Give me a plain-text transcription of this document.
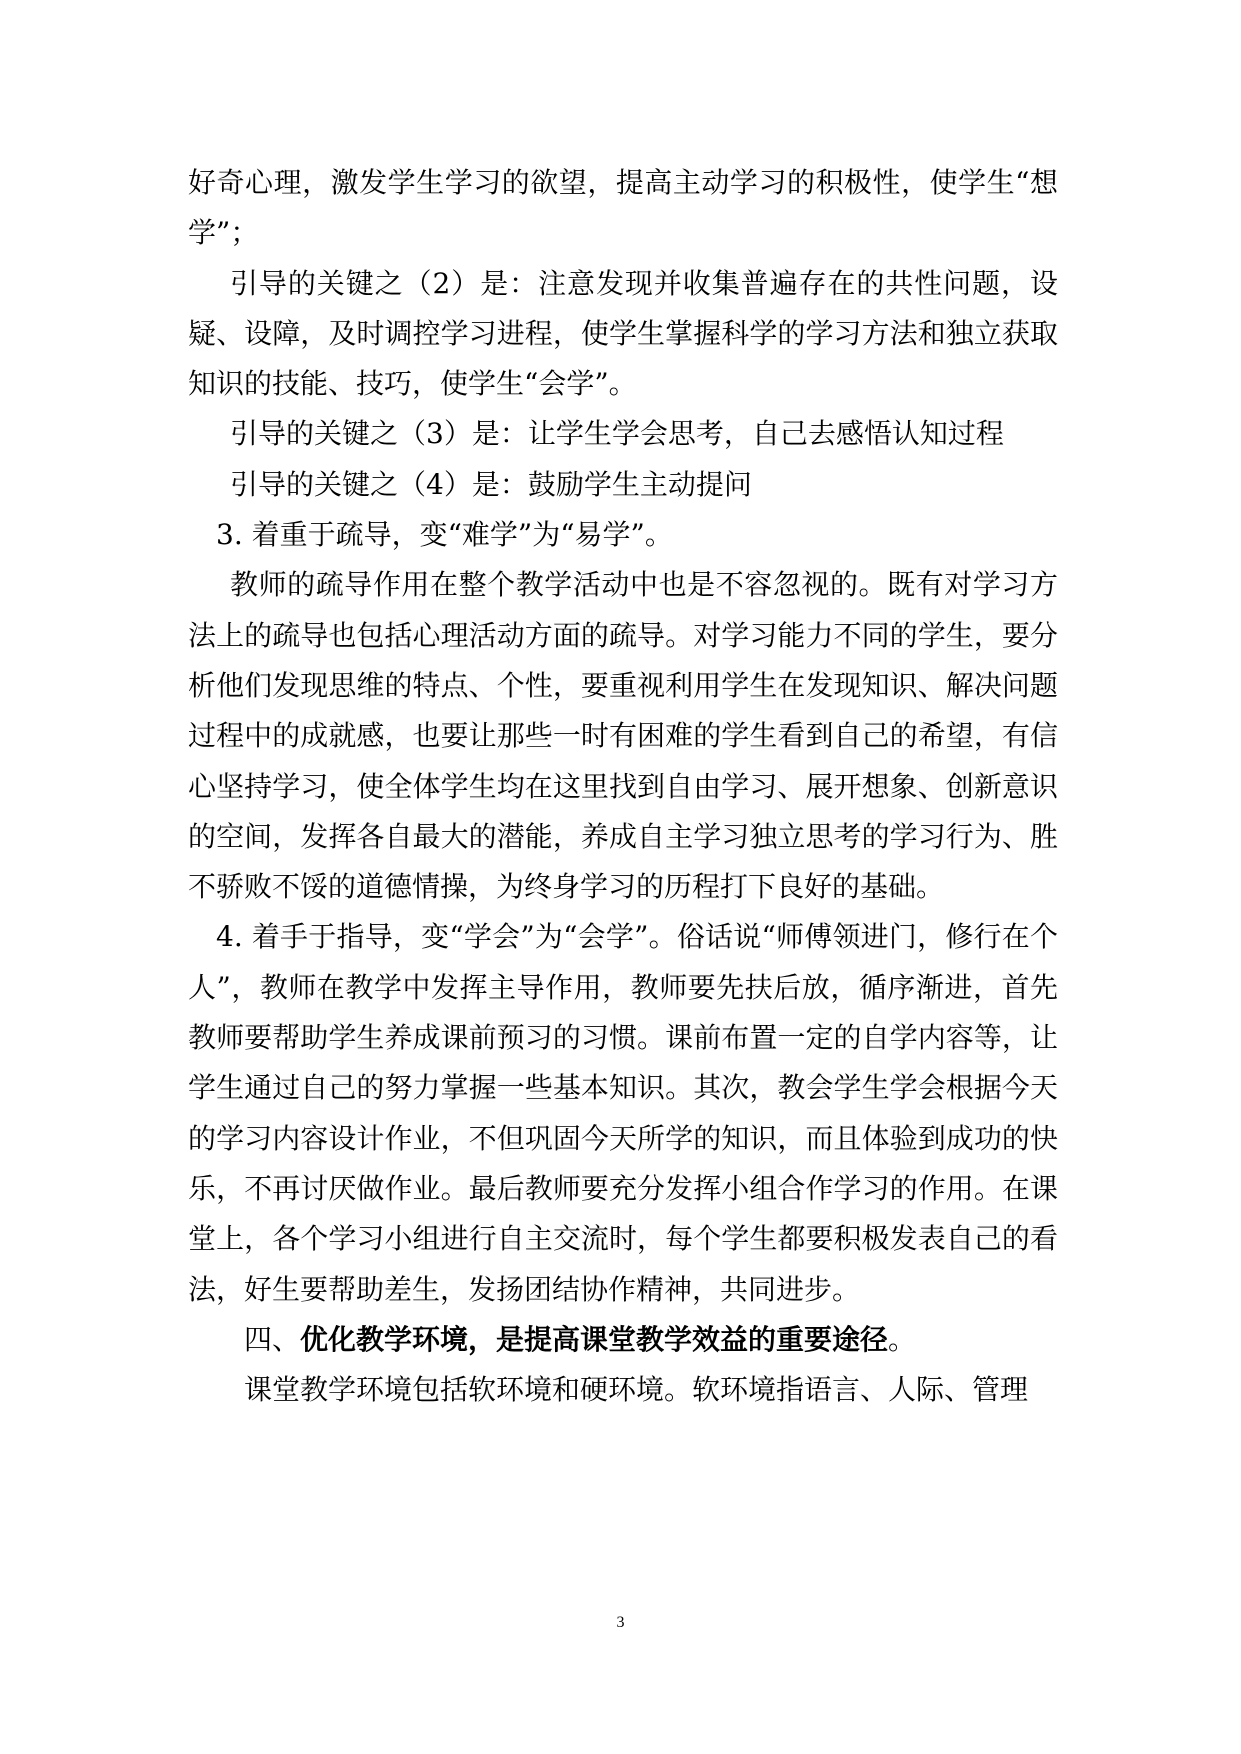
好奇心理，激发学生学习的欲望，提高主动学习的积极性，使学生“想学”；

引导的关键之（2）是：注意发现并收集普遍存在的共性问题，设疑、设障，及时调控学习进程，使学生掌握科学的学习方法和独立获取知识的技能、技巧，使学生“会学”。

引导的关键之（3）是：让学生学会思考，自己去感悟认知过程

引导的关键之（4）是：鼓励学生主动提问

3. 着重于疏导，变“难学”为“易学”。

教师的疏导作用在整个教学活动中也是不容忽视的。既有对学习方法上的疏导也包括心理活动方面的疏导。对学习能力不同的学生，要分析他们发现思维的特点、个性，要重视利用学生在发现知识、解决问题过程中的成就感，也要让那些一时有困难的学生看到自己的希望，有信心坚持学习，使全体学生均在这里找到自由学习、展开想象、创新意识的空间，发挥各自最大的潜能，养成自主学习独立思考的学习行为、胜不骄败不馁的道德情操，为终身学习的历程打下良好的基础。

4. 着手于指导，变“学会”为“会学”。俗话说“师傅领进门，修行在个人”，教师在教学中发挥主导作用，教师要先扶后放，循序渐进，首先教师要帮助学生养成课前预习的习惯。课前布置一定的自学内容等，让学生通过自己的努力掌握一些基本知识。其次，教会学生学会根据今天的学习内容设计作业，不但巩固今天所学的知识，而且体验到成功的快乐，不再讨厌做作业。最后教师要充分发挥小组合作学习的作用。在课堂上，各个学习小组进行自主交流时，每个学生都要积极发表自己的看法，好生要帮助差生，发扬团结协作精神，共同进步。

四、优化教学环境，是提高课堂教学效益的重要途径。

课堂教学环境包括软环境和硬环境。软环境指语言、人际、管理

3
